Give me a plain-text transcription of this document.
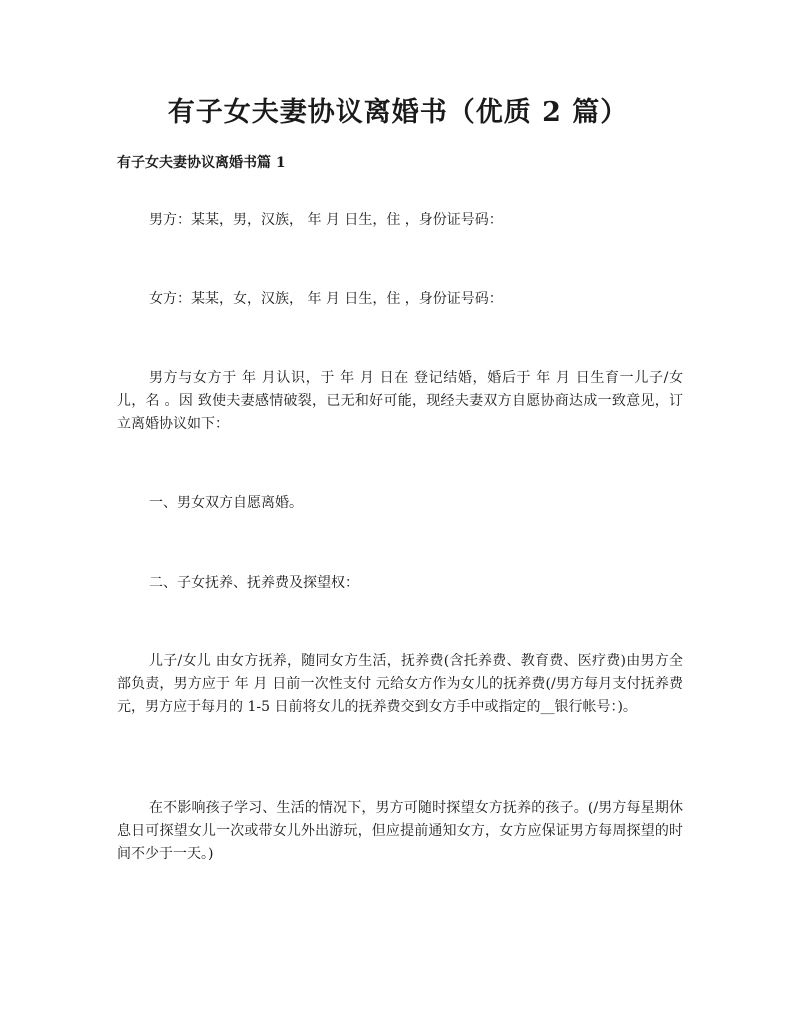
有子女夫妻协议离婚书（优质 2 篇）
有子女夫妻协议离婚书篇 1

男方：某某，男，汉族， 年 月 日生，住 ，身份证号码：

女方：某某，女，汉族， 年 月 日生，住 ，身份证号码：

男方与女方于 年 月认识，于 年 月 日在 登记结婚，婚后于 年 月 日生育一儿子/女儿，名 。因 致使夫妻感情破裂，已无和好可能，现经夫妻双方自愿协商达成一致意见，订立离婚协议如下：

一、男女双方自愿离婚。

二、子女抚养、抚养费及探望权：

儿子/女儿 由女方抚养，随同女方生活，抚养费(含托养费、教育费、医疗费)由男方全部负责，男方应于 年 月 日前一次性支付 元给女方作为女儿的抚养费(/男方每月支付抚养费 元，男方应于每月的 1-5 日前将女儿的抚养费交到女方手中或指定的__银行帐号：)。

在不影响孩子学习、生活的情况下，男方可随时探望女方抚养的孩子。(/男方每星期休息日可探望女儿一次或带女儿外出游玩，但应提前通知女方，女方应保证男方每周探望的时间不少于一天。)
